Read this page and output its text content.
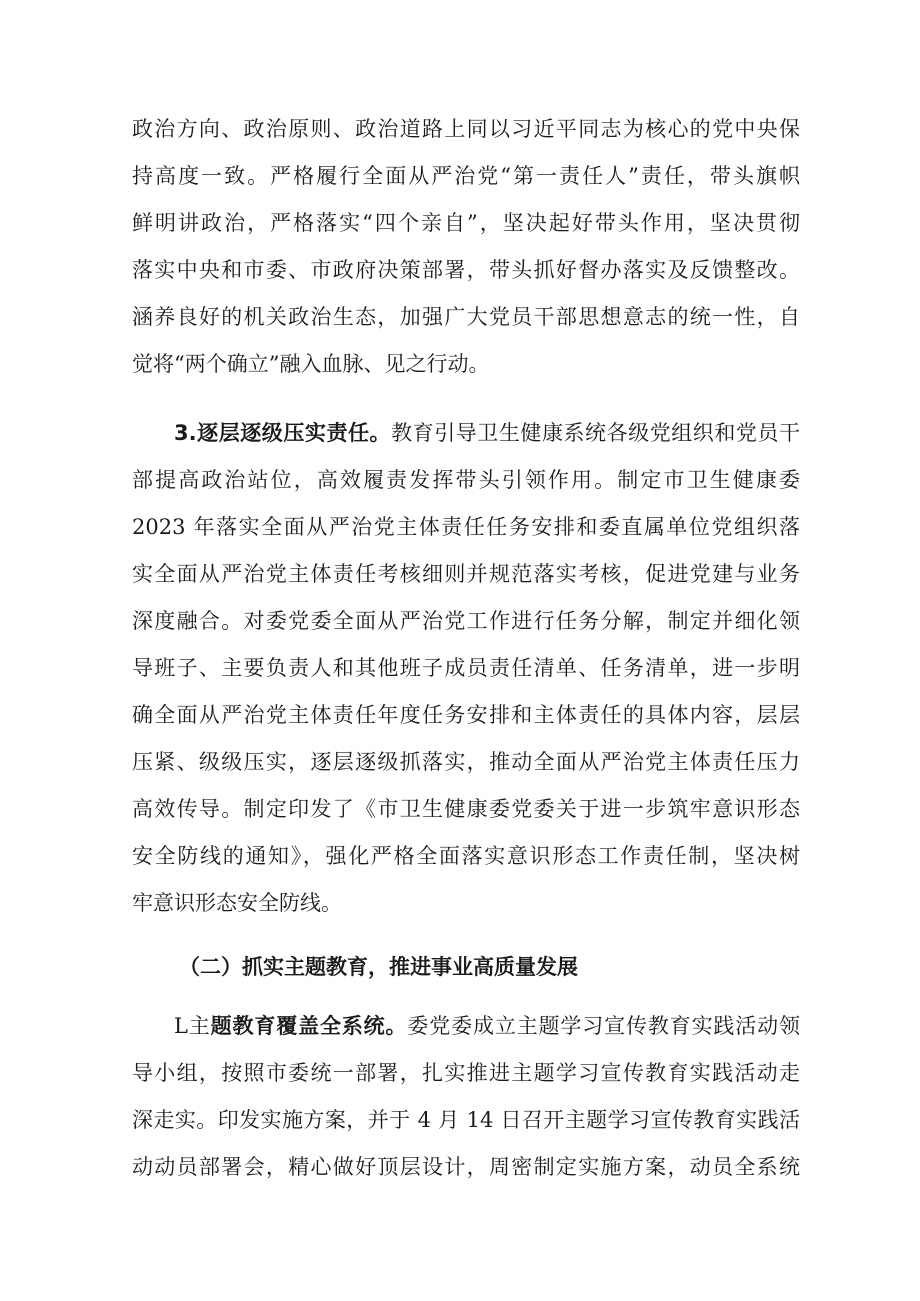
政治方向、政治原则、政治道路上同以习近平同志为核心的党中央保
持高度一致。严格履行全面从严治党“第一责任人”责任，带头旗帜
鲜明讲政治，严格落实“四个亲自”，坚决起好带头作用，坚决贯彻
落实中央和市委、市政府决策部署，带头抓好督办落实及反馈整改。
涵养良好的机关政治生态，加强广大党员干部思想意志的统一性，自
觉将“两个确立”融入血脉、见之行动。
3.逐层逐级压实责任。教育引导卫生健康系统各级党组织和党员干
部提高政治站位，高效履责发挥带头引领作用。制定市卫生健康委
2023 年落实全面从严治党主体责任任务安排和委直属单位党组织落
实全面从严治党主体责任考核细则并规范落实考核，促进党建与业务
深度融合。对委党委全面从严治党工作进行任务分解，制定并细化领
导班子、主要负责人和其他班子成员责任清单、任务清单，进一步明
确全面从严治党主体责任年度任务安排和主体责任的具体内容，层层
压紧、级级压实，逐层逐级抓落实，推动全面从严治党主体责任压力
高效传导。制定印发了《市卫生健康委党委关于进一步筑牢意识形态
安全防线的通知》，强化严格全面落实意识形态工作责任制，坚决树
牢意识形态安全防线。
（二）抓实主题教育，推进事业高质量发展
L主题教育覆盖全系统。委党委成立主题学习宣传教育实践活动领
导小组，按照市委统一部署，扎实推进主题学习宣传教育实践活动走
深走实。印发实施方案，并于 4 月 14 日召开主题学习宣传教育实践活
动动员部署会，精心做好顶层设计，周密制定实施方案，动员全系统
